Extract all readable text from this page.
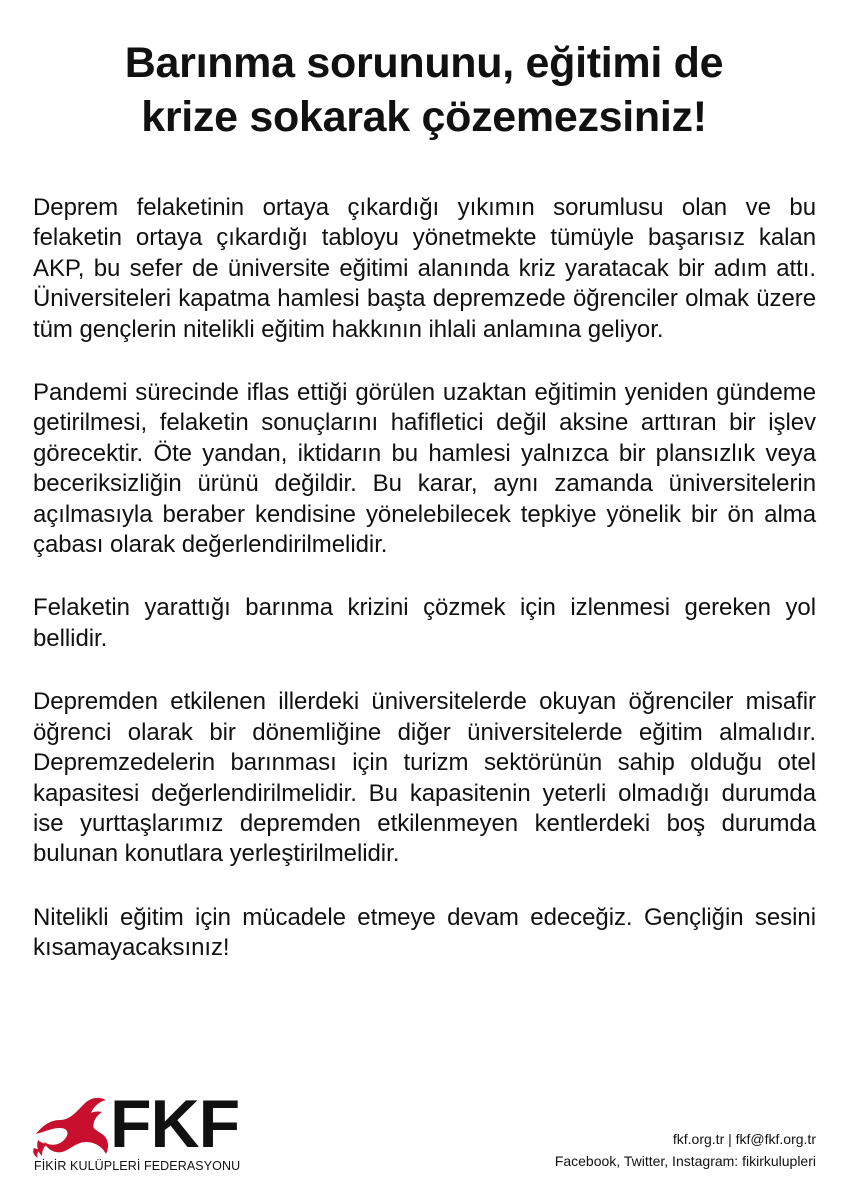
Barınma sorununu, eğitimi de
krize sokarak çözemezsiniz!

Deprem felaketinin ortaya çıkardığı yıkımın sorumlusu olan ve bu felaketin ortaya çıkardığı tabloyu yönetmekte tümüyle başarısız kalan AKP, bu sefer de üniversite eğitimi alanında kriz yaratacak bir adım attı. Üniversiteleri kapatma hamlesi başta depremzede öğrenciler olmak üzere tüm gençlerin nitelikli eğitim hakkının ihlali anlamına geliyor.

Pandemi sürecinde iflas ettiği görülen uzaktan eğitimin yeniden gündeme getirilmesi, felaketin sonuçlarını hafifletici değil aksine arttıran bir işlev görecektir. Öte yandan, iktidarın bu hamlesi yalnızca bir plansızlık veya beceriksizliğin ürünü değildir. Bu karar, aynı zamanda üniversitelerin açılmasıyla beraber kendisine yönelebilecek tepkiye yönelik bir ön alma çabası olarak değerlendirilmelidir.

Felaketin yarattığı barınma krizini çözmek için izlenmesi gereken yol bellidir.

Depremden etkilenen illerdeki üniversitelerde okuyan öğrenciler misafir öğrenci olarak bir dönemliğine diğer üniversitelerde eğitim almalıdır. Depremzedelerin barınması için turizm sektörünün sahip olduğu otel kapasitesi değerlendirilmelidir. Bu kapasitenin yeterli olmadığı durumda ise yurttaşlarımız depremden etkilenmeyen kentlerdeki boş durumda bulunan konutlara yerleştirilmelidir.

Nitelikli eğitim için mücadele etmeye devam edeceğiz. Gençliğin sesini kısamayacaksınız!

FKF
FİKİR KULÜPLERİ FEDERASYONU
fkf.org.tr | fkf@fkf.org.tr
Facebook, Twitter, Instagram: fikirkulupleri
